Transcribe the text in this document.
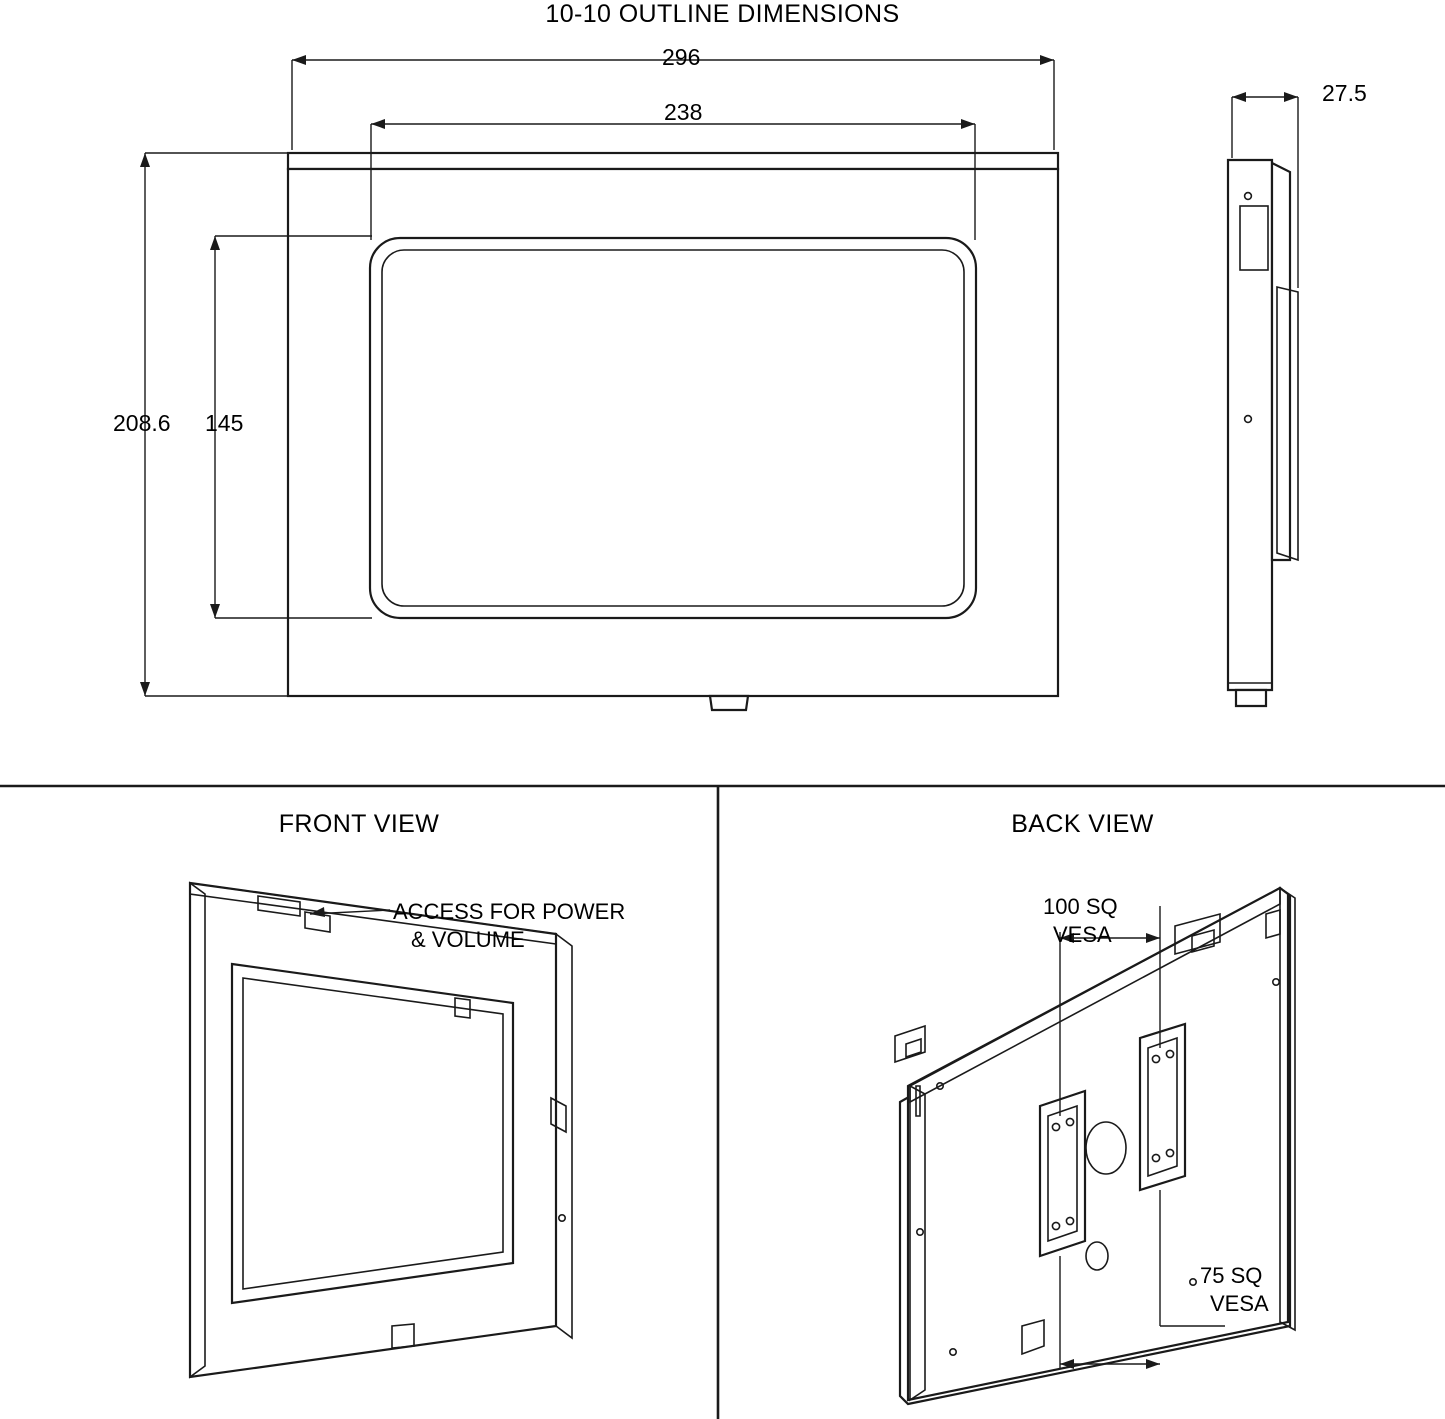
10-10 OUTLINE DIMENSIONS
FRONT VIEW	BACK VIEW
296
238
208.6 145
27.5
ACCESS FOR POWER
& VOLUME
100 SQ
VESA
75 SQ
VESA
